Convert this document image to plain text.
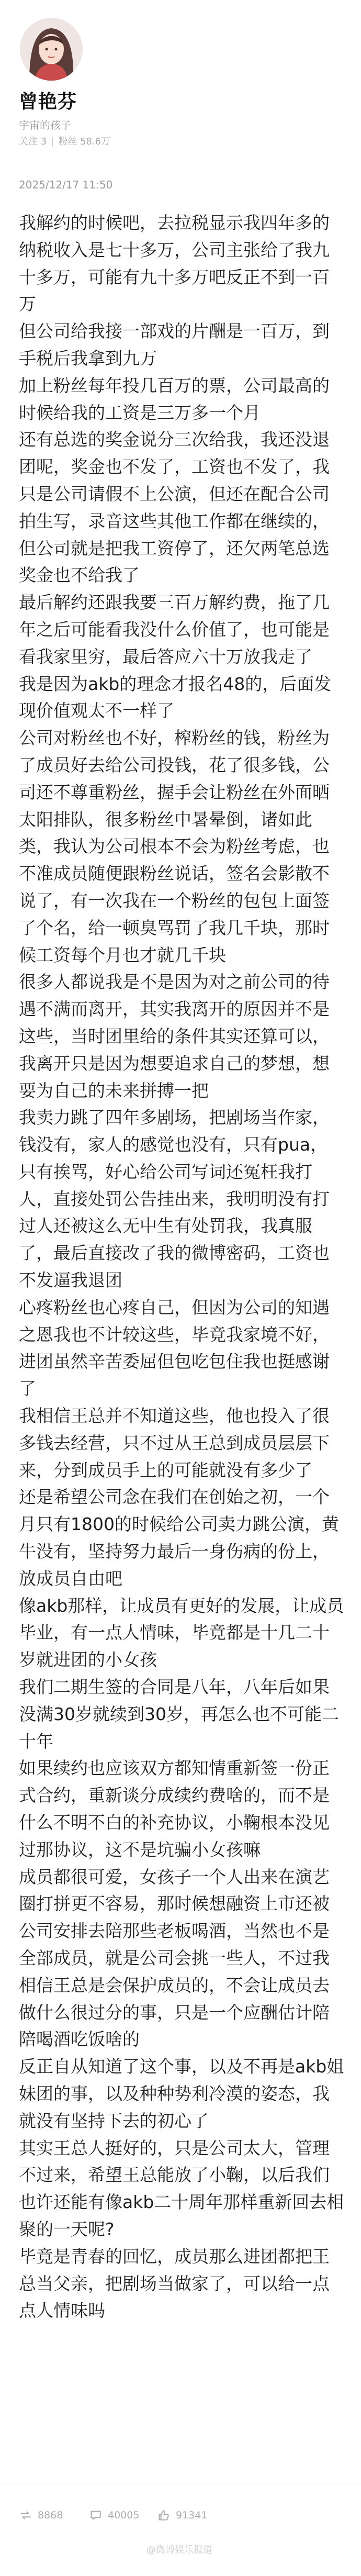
曾艳芬
宇宙的孩子
关注 3 | 粉丝 58.6万
2025/12/17 11:50

我解约的时候吧，去拉税显示我四年多的纳税收入是七十多万，公司主张给了我九十多万，可能有九十多万吧反正不到一百万

但公司给我接一部戏的片酬是一百万，到手税后我拿到九万

加上粉丝每年投几百万的票，公司最高的时候给我的工资是三万多一个月

还有总选的奖金说分三次给我，我还没退团呢，奖金也不发了，工资也不发了，我只是公司请假不上公演，但还在配合公司拍生写，录音这些其他工作都在继续的，但公司就是把我工资停了，还欠两笔总选奖金也不给我了

最后解约还跟我要三百万解约费，拖了几年之后可能看我没什么价值了，也可能是看我家里穷，最后答应六十万放我走了

我是因为akb的理念才报名48的，后面发现价值观太不一样了

公司对粉丝也不好，榨粉丝的钱，粉丝为了成员好去给公司投钱，花了很多钱，公司还不尊重粉丝，握手会让粉丝在外面晒太阳排队，很多粉丝中暑晕倒，诸如此类，我认为公司根本不会为粉丝考虑，也不准成员随便跟粉丝说话，签名会影散不说了，有一次我在一个粉丝的包包上面签了个名，给一顿臭骂罚了我几千块，那时候工资每个月也才就几千块

很多人都说我是不是因为对之前公司的待遇不满而离开，其实我离开的原因并不是这些，当时团里给的条件其实还算可以，我离开只是因为想要追求自己的梦想，想要为自己的未来拼搏一把

我卖力跳了四年多剧场，把剧场当作家，钱没有，家人的感觉也没有，只有pua，只有挨骂，好心给公司写词还冤枉我打人，直接处罚公告挂出来，我明明没有打过人还被这么无中生有处罚我，我真服了，最后直接改了我的微博密码，工资也不发逼我退团

心疼粉丝也心疼自己，但因为公司的知遇之恩我也不计较这些，毕竟我家境不好，进团虽然辛苦委屈但包吃包住我也挺感谢了

我相信王总并不知道这些，他也投入了很多钱去经营，只不过从王总到成员层层下来，分到成员手上的可能就没有多少了

还是希望公司念在我们在创始之初，一个月只有1800的时候给公司卖力跳公演，黄牛没有，坚持努力最后一身伤病的份上，放成员自由吧

像akb那样，让成员有更好的发展，让成员毕业，有一点人情味，毕竟都是十几二十岁就进团的小女孩

我们二期生签的合同是八年，八年后如果没满30岁就续到30岁，再怎么也不可能二十年

如果续约也应该双方都知情重新签一份正式合约，重新谈分成续约费啥的，而不是什么不明不白的补充协议，小鞠根本没见过那协议，这不是坑骗小女孩嘛

成员都很可爱，女孩子一个人出来在演艺圈打拼更不容易，那时候想融资上市还被公司安排去陪那些老板喝酒，当然也不是全部成员，就是公司会挑一些人，不过我相信王总是会保护成员的，不会让成员去做什么很过分的事，只是一个应酬估计陪陪喝酒吃饭啥的

反正自从知道了这个事，以及不再是akb姐妹团的事，以及种种势利冷漠的姿态，我就没有坚持下去的初心了

其实王总人挺好的，只是公司太大，管理不过来，希望王总能放了小鞠，以后我们也许还能有像akb二十周年那样重新回去相聚的一天呢?

毕竟是青春的回忆，成员那么进团都把王总当父亲，把剧场当做家了，可以给一点点人情味吗

8868	40005	91341
@微博娱乐报道
